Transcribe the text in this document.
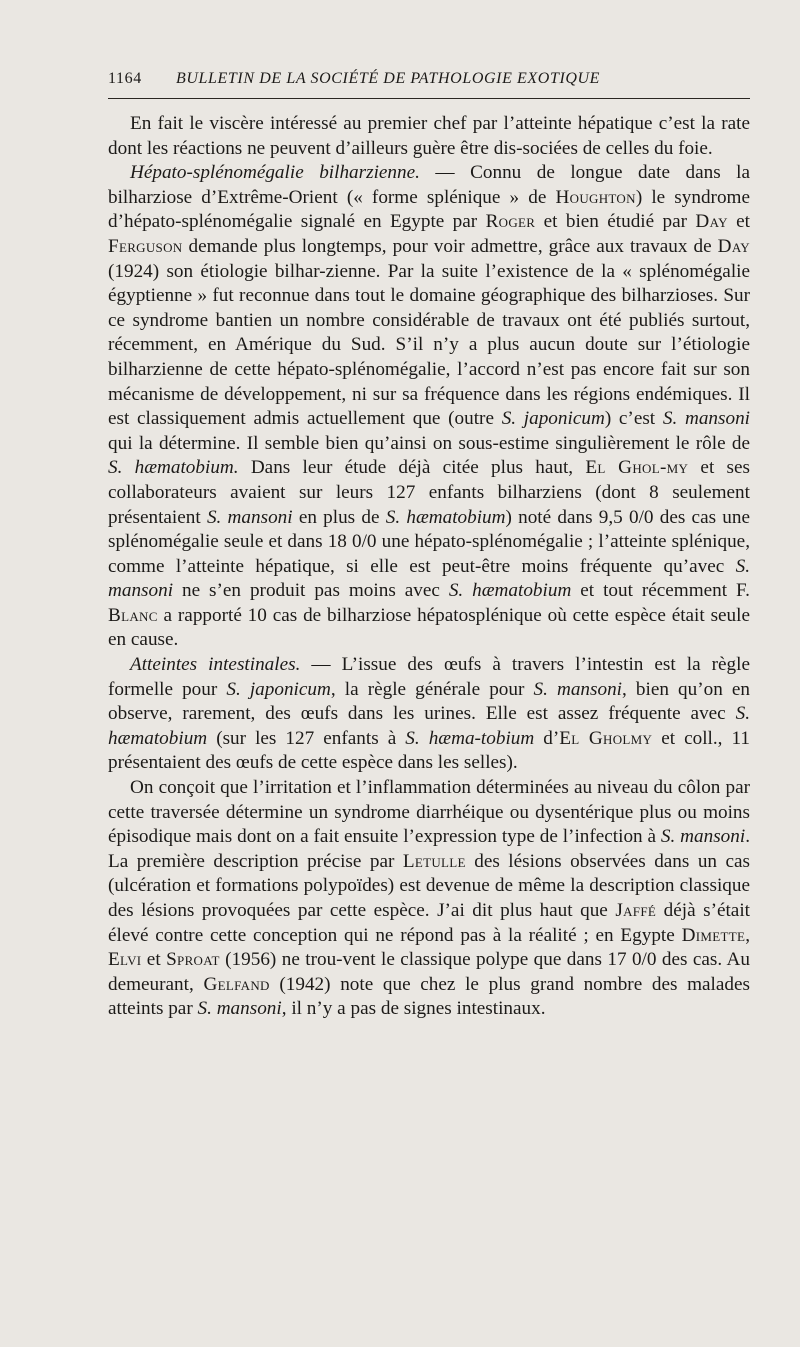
1164 BULLETIN DE LA SOCIÉTÉ DE PATHOLOGIE EXOTIQUE

En fait le viscère intéressé au premier chef par l’atteinte hépatique c’est la rate dont les réactions ne peuvent d’ailleurs guère être dis-sociées de celles du foie.

Hépato-splénomégalie bilharzienne. — Connu de longue date dans la bilharziose d’Extrême-Orient (« forme splénique » de Houghton) le syndrome d’hépato-splénomégalie signalé en Egypte par Roger et bien étudié par Day et Ferguson demande plus longtemps, pour voir admettre, grâce aux travaux de Day (1924) son étiologie bilhar-zienne. Par la suite l’existence de la « splénomégalie égyptienne » fut reconnue dans tout le domaine géographique des bilharzioses. Sur ce syndrome bantien un nombre considérable de travaux ont été publiés surtout, récemment, en Amérique du Sud. S’il n’y a plus aucun doute sur l’étiologie bilharzienne de cette hépato-splénomégalie, l’accord n’est pas encore fait sur son mécanisme de développement, ni sur sa fréquence dans les régions endémiques. Il est classiquement admis actuellement que (outre S. japonicum) c’est S. mansoni qui la détermine. Il semble bien qu’ainsi on sous-estime singulièrement le rôle de S. hæmatobium. Dans leur étude déjà citée plus haut, El Ghol-my et ses collaborateurs avaient sur leurs 127 enfants bilharziens (dont 8 seulement présentaient S. mansoni en plus de S. hæmatobium) noté dans 9,5 0/0 des cas une splénomégalie seule et dans 18 0/0 une hépato-splénomégalie ; l’atteinte splénique, comme l’atteinte hépatique, si elle est peut-être moins fréquente qu’avec S. mansoni ne s’en produit pas moins avec S. hæmatobium et tout récemment F. Blanc a rapporté 10 cas de bilharziose hépatosplénique où cette espèce était seule en cause.

Atteintes intestinales. — L’issue des œufs à travers l’intestin est la règle formelle pour S. japonicum, la règle générale pour S. mansoni, bien qu’on en observe, rarement, des œufs dans les urines. Elle est assez fréquente avec S. hæmatobium (sur les 127 enfants à S. hæma-tobium d’El Gholmy et coll., 11 présentaient des œufs de cette espèce dans les selles).

On conçoit que l’irritation et l’inflammation déterminées au niveau du côlon par cette traversée détermine un syndrome diarrhéique ou dysentérique plus ou moins épisodique mais dont on a fait ensuite l’expression type de l’infection à S. mansoni. La première description précise par Letulle des lésions observées dans un cas (ulcération et formations polypoïdes) est devenue de même la description classique des lésions provoquées par cette espèce. J’ai dit plus haut que Jaffé déjà s’était élevé contre cette conception qui ne répond pas à la réalité ; en Egypte Dimette, Elvi et Sproat (1956) ne trou-vent le classique polype que dans 17 0/0 des cas. Au demeurant, Gelfand (1942) note que chez le plus grand nombre des malades atteints par S. mansoni, il n’y a pas de signes intestinaux.
